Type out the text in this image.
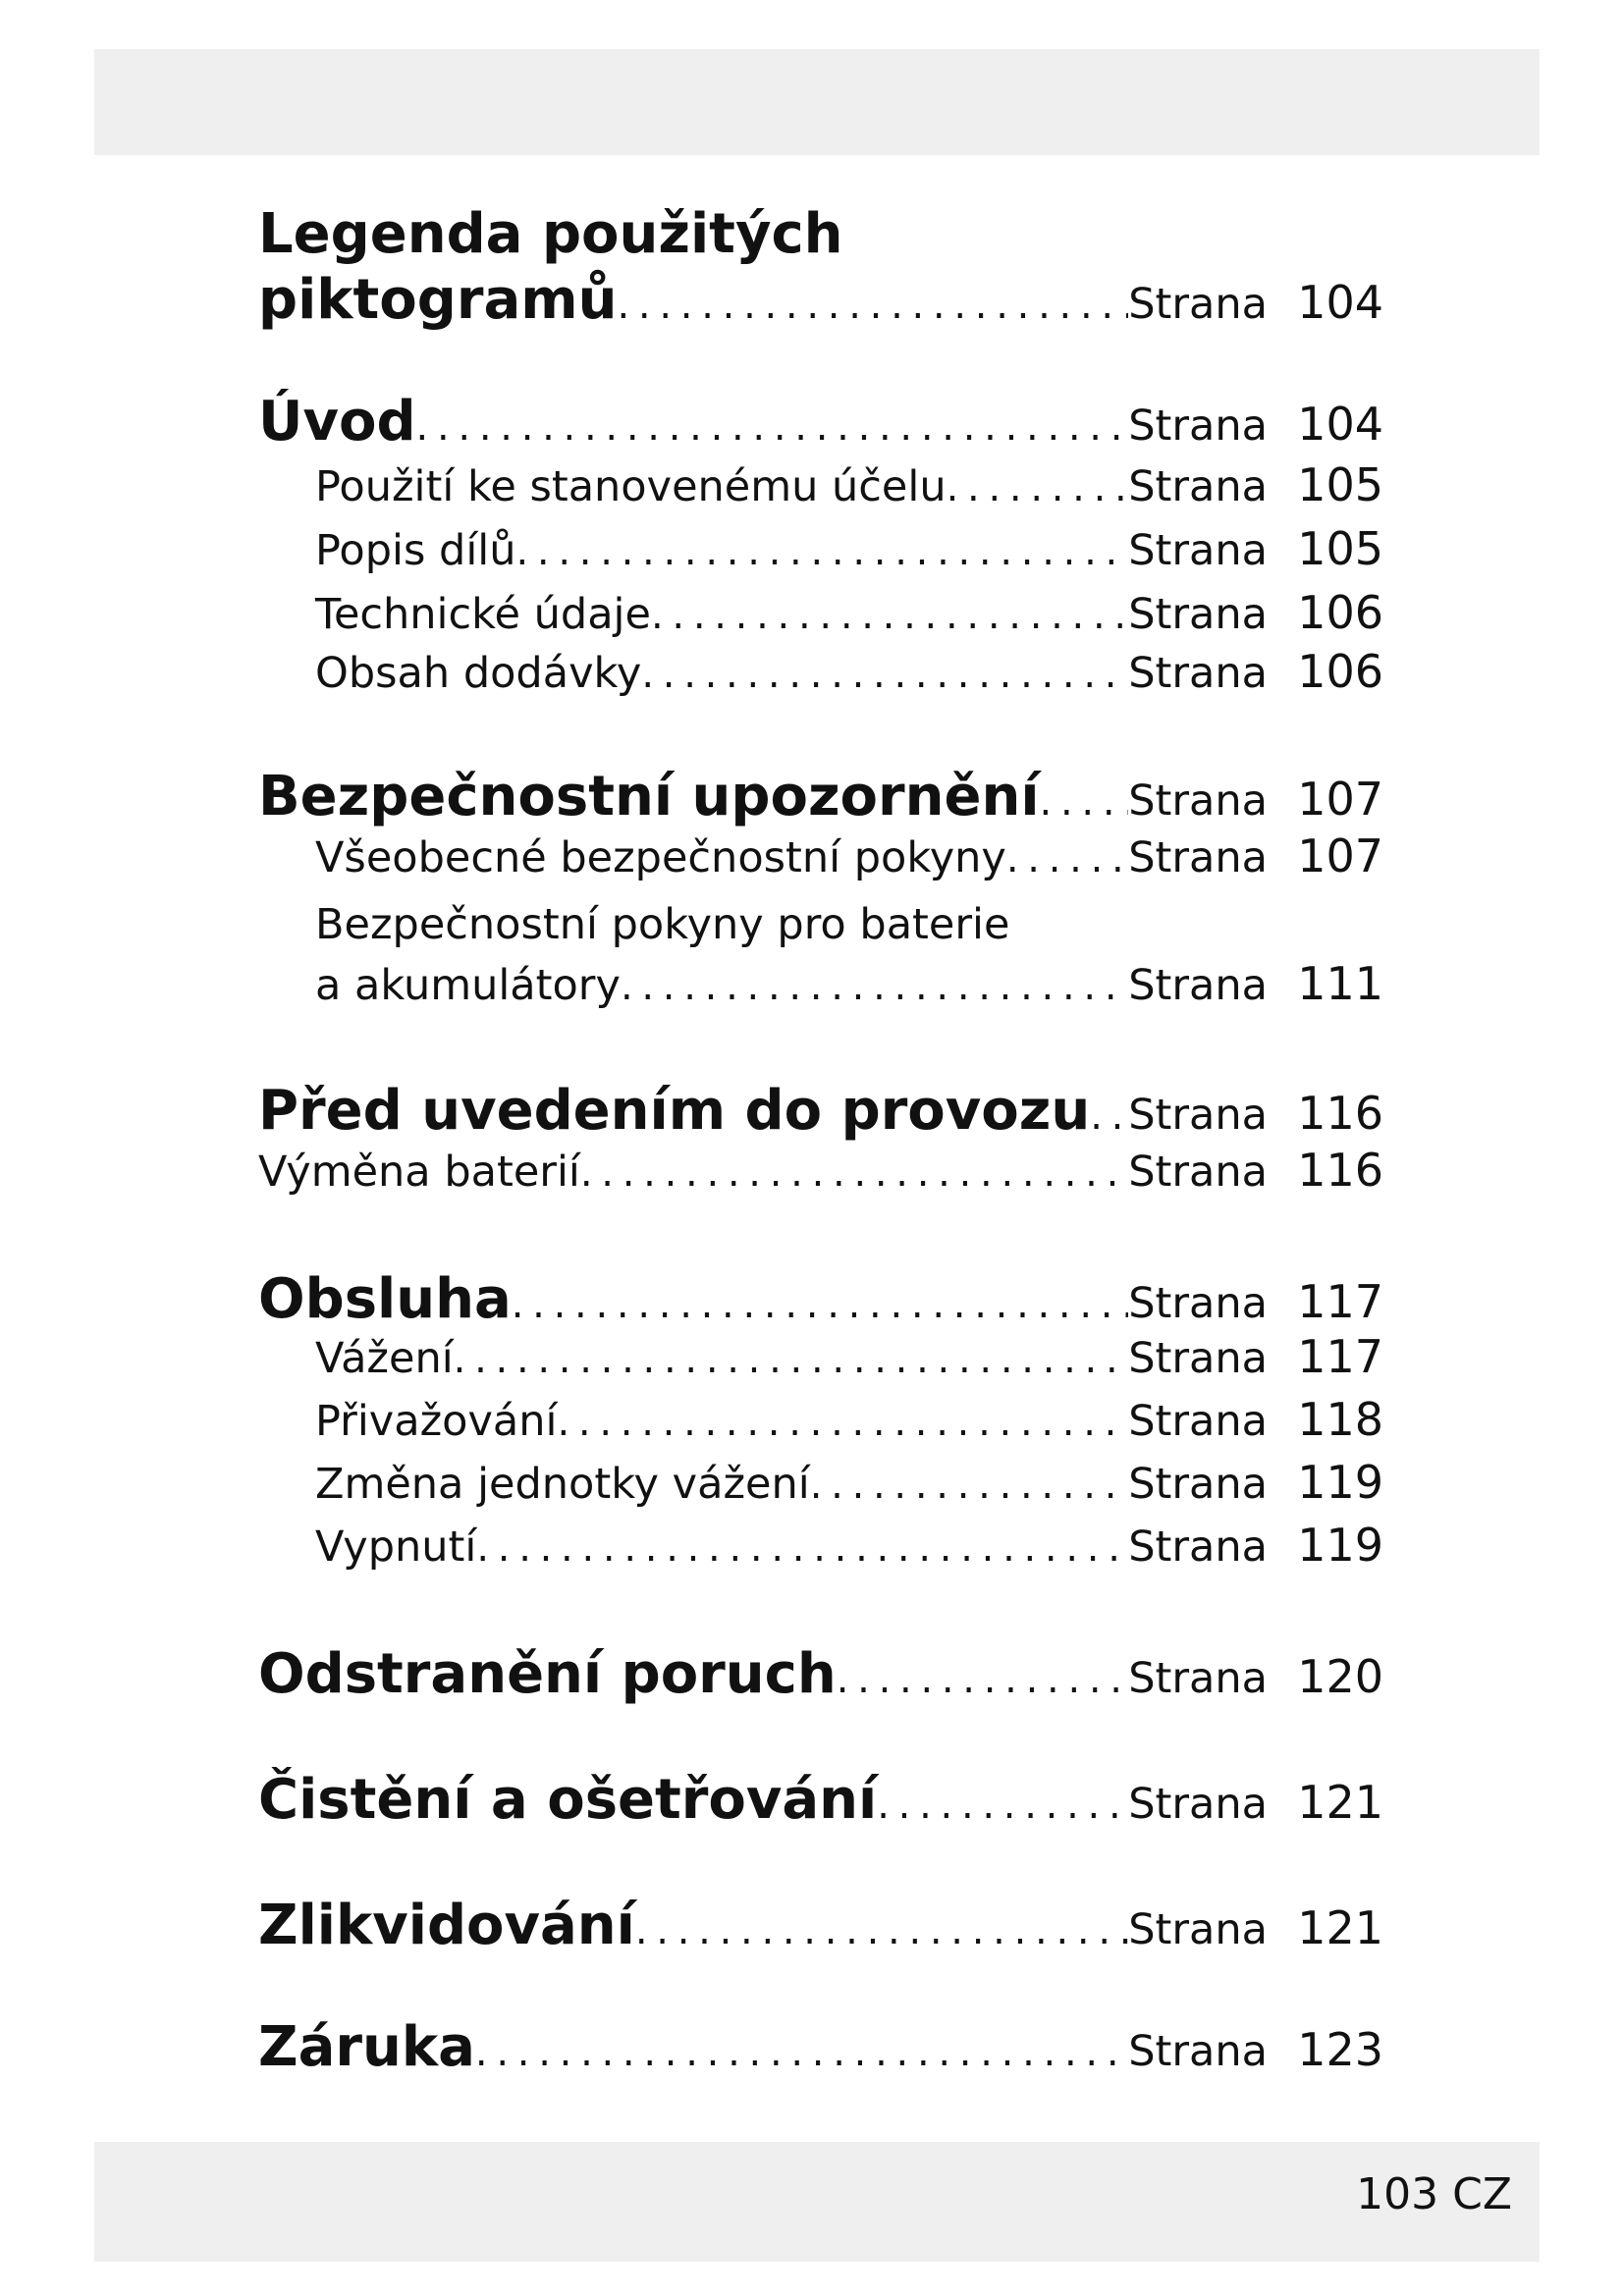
Legenda použitých
piktogramů . . .	Strana 104
Úvod . . .	Strana 104
Použití ke stanovenému účelu . . .	Strana 105
Popis dílů . . .	Strana 105
Technické údaje . . .	Strana 106
Obsah dodávky . . .	Strana 106
Bezpečnostní upozornění . . . Strana 107
Všeobecné bezpečnostní pokyny . . .	Strana 107
Bezpečnostní pokyny pro baterie
a akumulátory . . .	Strana 111
Před uvedením do provozu . . . Strana 116
Výměna baterií . . .	Strana 116
Obsluha . . .	Strana 117
Vážení . . .	Strana 117
Přivažování . . .	Strana 118
Změna jednotky vážení . . .	Strana 119
Vypnutí . . .	Strana 119
Odstranění poruch . . .	Strana 120
Čistění a ošetřování . . .	Strana 121
Zlikvidování . . .	Strana 121
Záruka . . .	Strana 123
103 CZ
